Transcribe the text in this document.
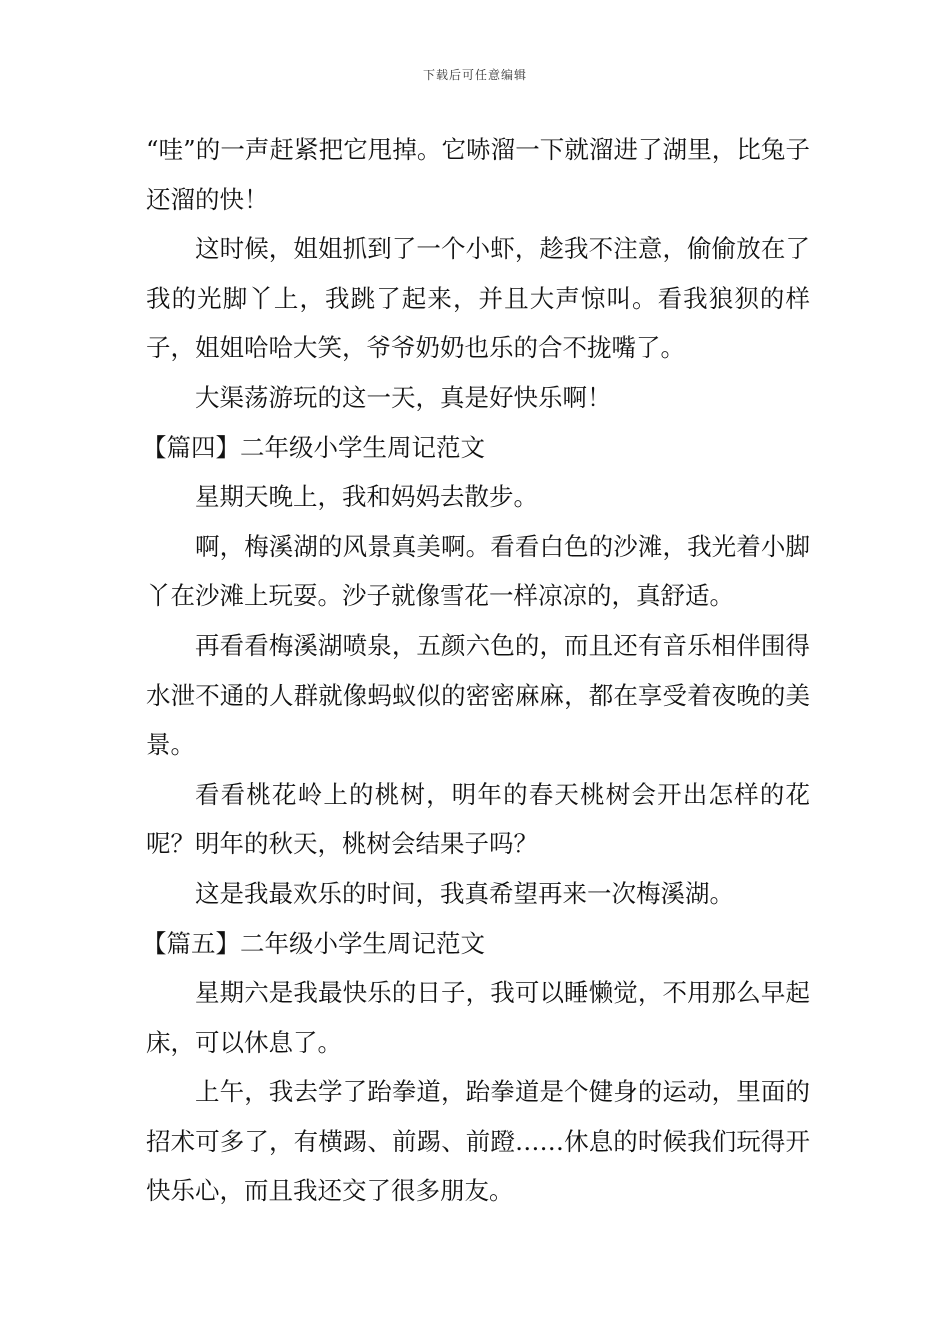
下载后可任意编辑

“哇”的一声赶紧把它甩掉。它哧溜一下就溜进了湖里，比兔子还溜的快！

这时候，姐姐抓到了一个小虾，趁我不注意，偷偷放在了我的光脚丫上，我跳了起来，并且大声惊叫。看我狼狈的样子，姐姐哈哈大笑，爷爷奶奶也乐的合不拢嘴了。

大渠荡游玩的这一天，真是好快乐啊！

【篇四】二年级小学生周记范文

星期天晚上，我和妈妈去散步。

啊，梅溪湖的风景真美啊。看看白色的沙滩，我光着小脚丫在沙滩上玩耍。沙子就像雪花一样凉凉的，真舒适。

再看看梅溪湖喷泉，五颜六色的，而且还有音乐相伴围得水泄不通的人群就像蚂蚁似的密密麻麻，都在享受着夜晚的美景。

看看桃花岭上的桃树，明年的春天桃树会开出怎样的花呢？明年的秋天，桃树会结果子吗？

这是我最欢乐的时间，我真希望再来一次梅溪湖。

【篇五】二年级小学生周记范文

星期六是我最快乐的日子，我可以睡懒觉，不用那么早起床，可以休息了。

上午，我去学了跆拳道，跆拳道是个健身的运动，里面的招术可多了，有横踢、前踢、前蹬……休息的时候我们玩得开快乐心，而且我还交了很多朋友。
